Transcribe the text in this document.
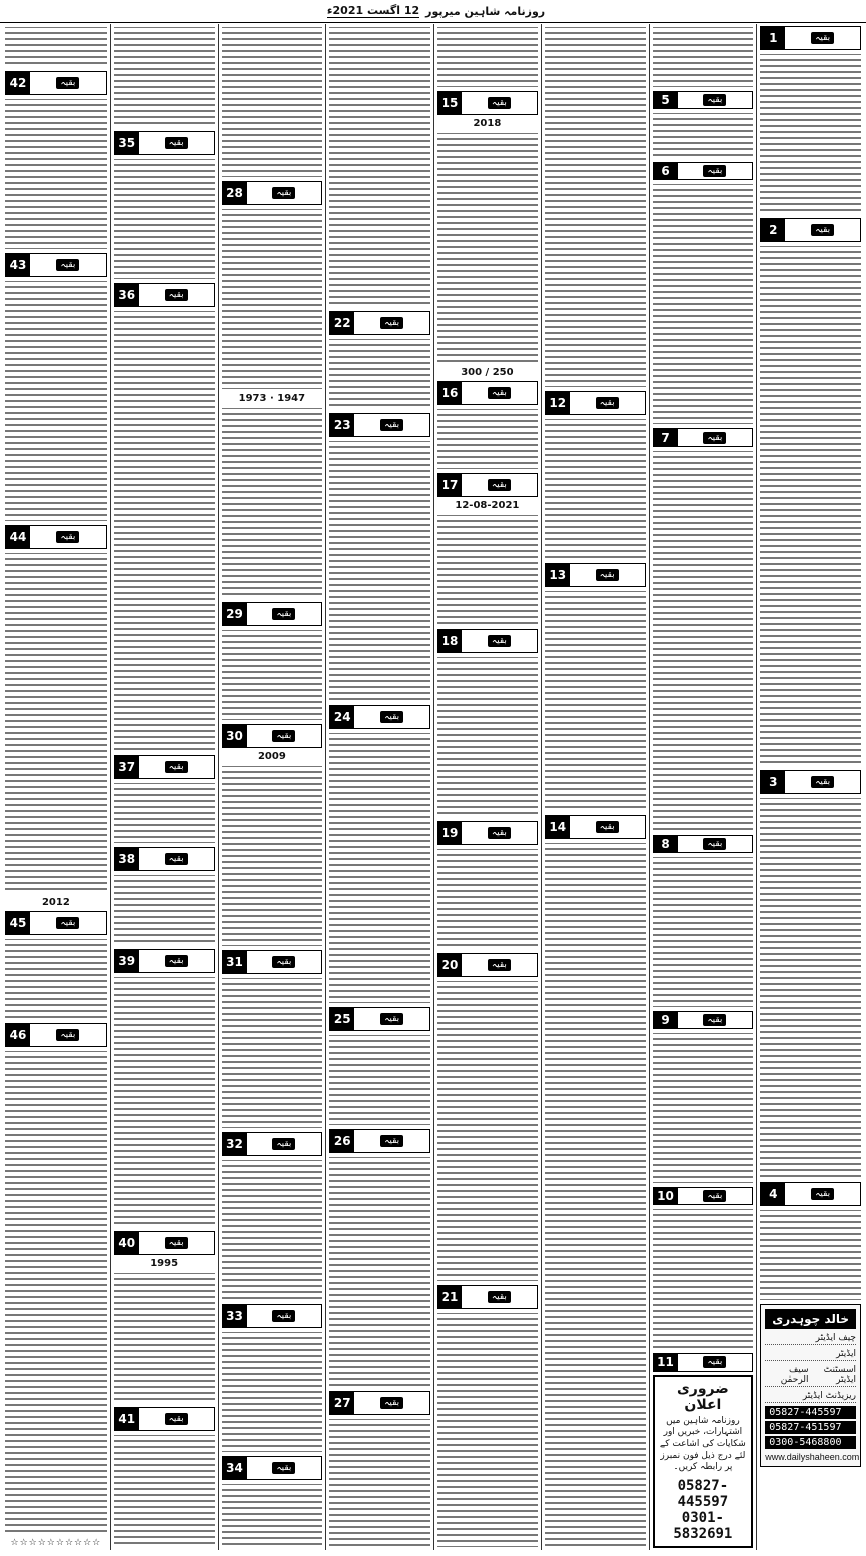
روزنامہ شاہین میرپور
12 اگست 2021ء
1	بقیہ
2	بقیہ
3	بقیہ
4	بقیہ
خالد چوہدری
چیف ایڈیٹر
ایڈیٹر
اسسٹنٹ ایڈیٹر
سیف الرحمٰن
ریزیڈنٹ ایڈیٹر
05827-445597
05827-451597
0300-5468800
www.dailyshaheen.com
5	بقیہ
6	بقیہ
7	بقیہ
8	بقیہ
9	بقیہ
10	بقیہ
11	بقیہ
ضروری اعلان
روزنامہ شاہین میں اشتہارات، خبریں اور شکایات کی اشاعت کے لئے درج ذیل فون نمبرز پر رابطہ کریں۔
05827-445597
0301-5832691
12	بقیہ
13	بقیہ
14	بقیہ
15	بقیہ
2018
250 / 300
16	بقیہ
17	بقیہ
12-08-2021
18	بقیہ
19	بقیہ
20	بقیہ
21	بقیہ
22	بقیہ
23	بقیہ
24	بقیہ
25	بقیہ
26	بقیہ
27	بقیہ
28	بقیہ
1947 · 1973
29	بقیہ
30	بقیہ
2009
31	بقیہ
32	بقیہ
33	بقیہ
34	بقیہ
35	بقیہ
36	بقیہ
37	بقیہ
38	بقیہ
39	بقیہ
40	بقیہ
1995
41	بقیہ
42	بقیہ
43	بقیہ
44	بقیہ
2012
45	بقیہ
46	بقیہ
☆☆☆☆☆☆☆☆☆☆
